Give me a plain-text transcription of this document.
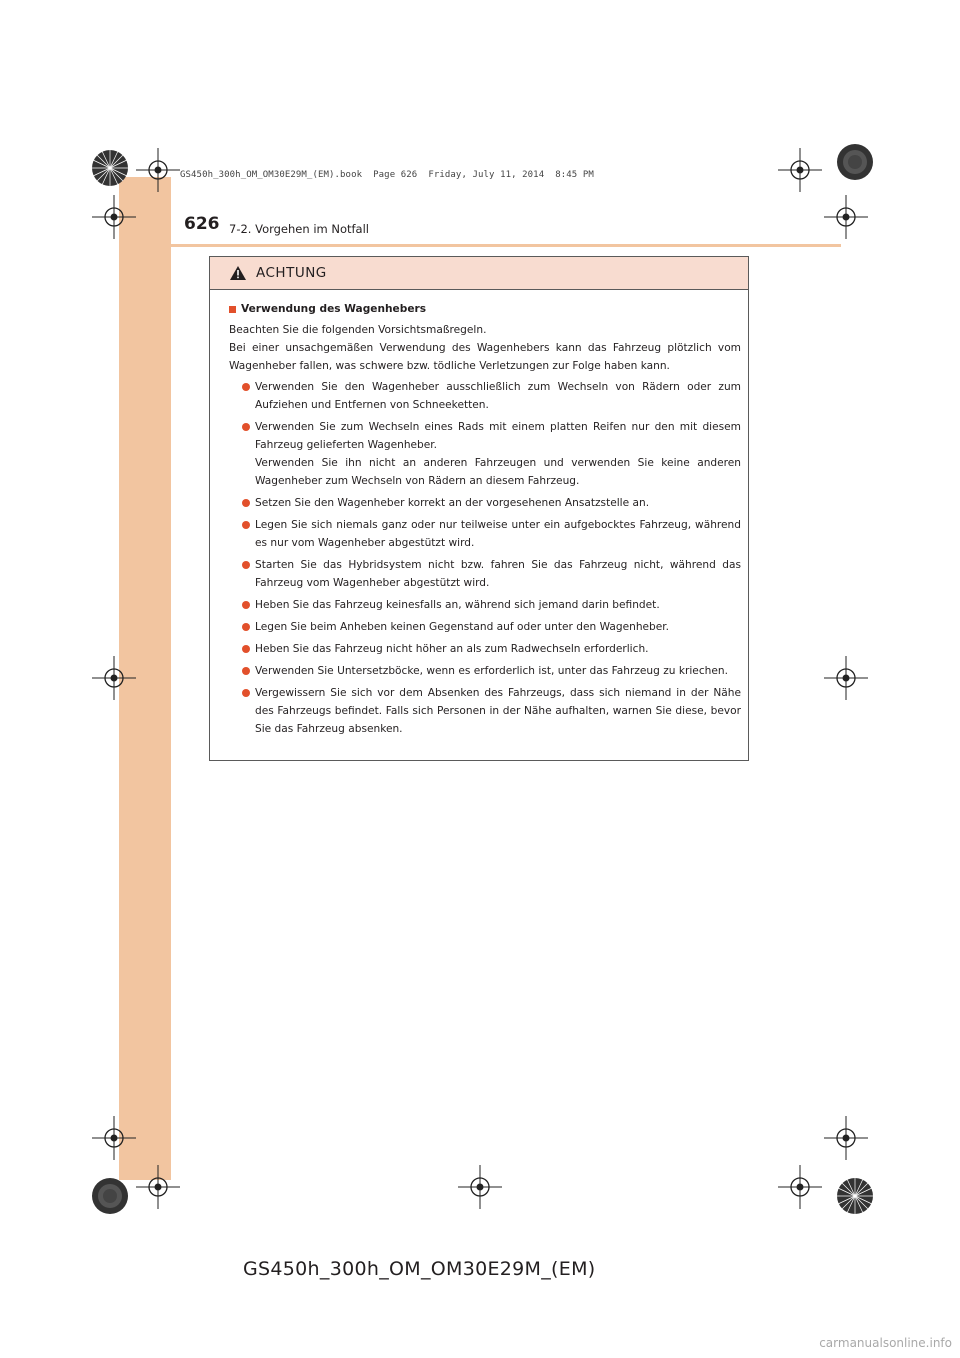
GS450h_300h_OM_OM30E29M_(EM).book  Page 626  Friday, July 11, 2014  8:45 PM
626 7-2. Vorgehen im Notfall
ACHTUNG
Verwendung des Wagenhebers

Beachten Sie die folgenden Vorsichtsmaßregeln.

Bei einer unsachgemäßen Verwendung des Wagenhebers kann das Fahrzeug plötzlich vom Wagenheber fallen, was schwere bzw. tödliche Verletzungen zur Folge haben kann.

Verwenden Sie den Wagenheber ausschließlich zum Wechseln von Rädern oder zum Aufziehen und Entfernen von Schneeketten.
Verwenden Sie zum Wechseln eines Rads mit einem platten Reifen nur den mit diesem Fahrzeug gelieferten Wagenheber.
Verwenden Sie ihn nicht an anderen Fahrzeugen und verwenden Sie keine anderen Wagenheber zum Wechseln von Rädern an diesem Fahrzeug.
Setzen Sie den Wagenheber korrekt an der vorgesehenen Ansatzstelle an.
Legen Sie sich niemals ganz oder nur teilweise unter ein aufgebocktes Fahrzeug, während es nur vom Wagenheber abgestützt wird.
Starten Sie das Hybridsystem nicht bzw. fahren Sie das Fahrzeug nicht, während das Fahrzeug vom Wagenheber abgestützt wird.
Heben Sie das Fahrzeug keinesfalls an, während sich jemand darin befindet.
Legen Sie beim Anheben keinen Gegenstand auf oder unter den Wagenheber.
Heben Sie das Fahrzeug nicht höher an als zum Radwechseln erforderlich.
Verwenden Sie Untersetzböcke, wenn es erforderlich ist, unter das Fahrzeug zu kriechen.
Vergewissern Sie sich vor dem Absenken des Fahrzeugs, dass sich niemand in der Nähe des Fahrzeugs befindet. Falls sich Personen in der Nähe aufhalten, warnen Sie diese, bevor Sie das Fahrzeug absenken.
GS450h_300h_OM_OM30E29M_(EM)
carmanualsonline.info
